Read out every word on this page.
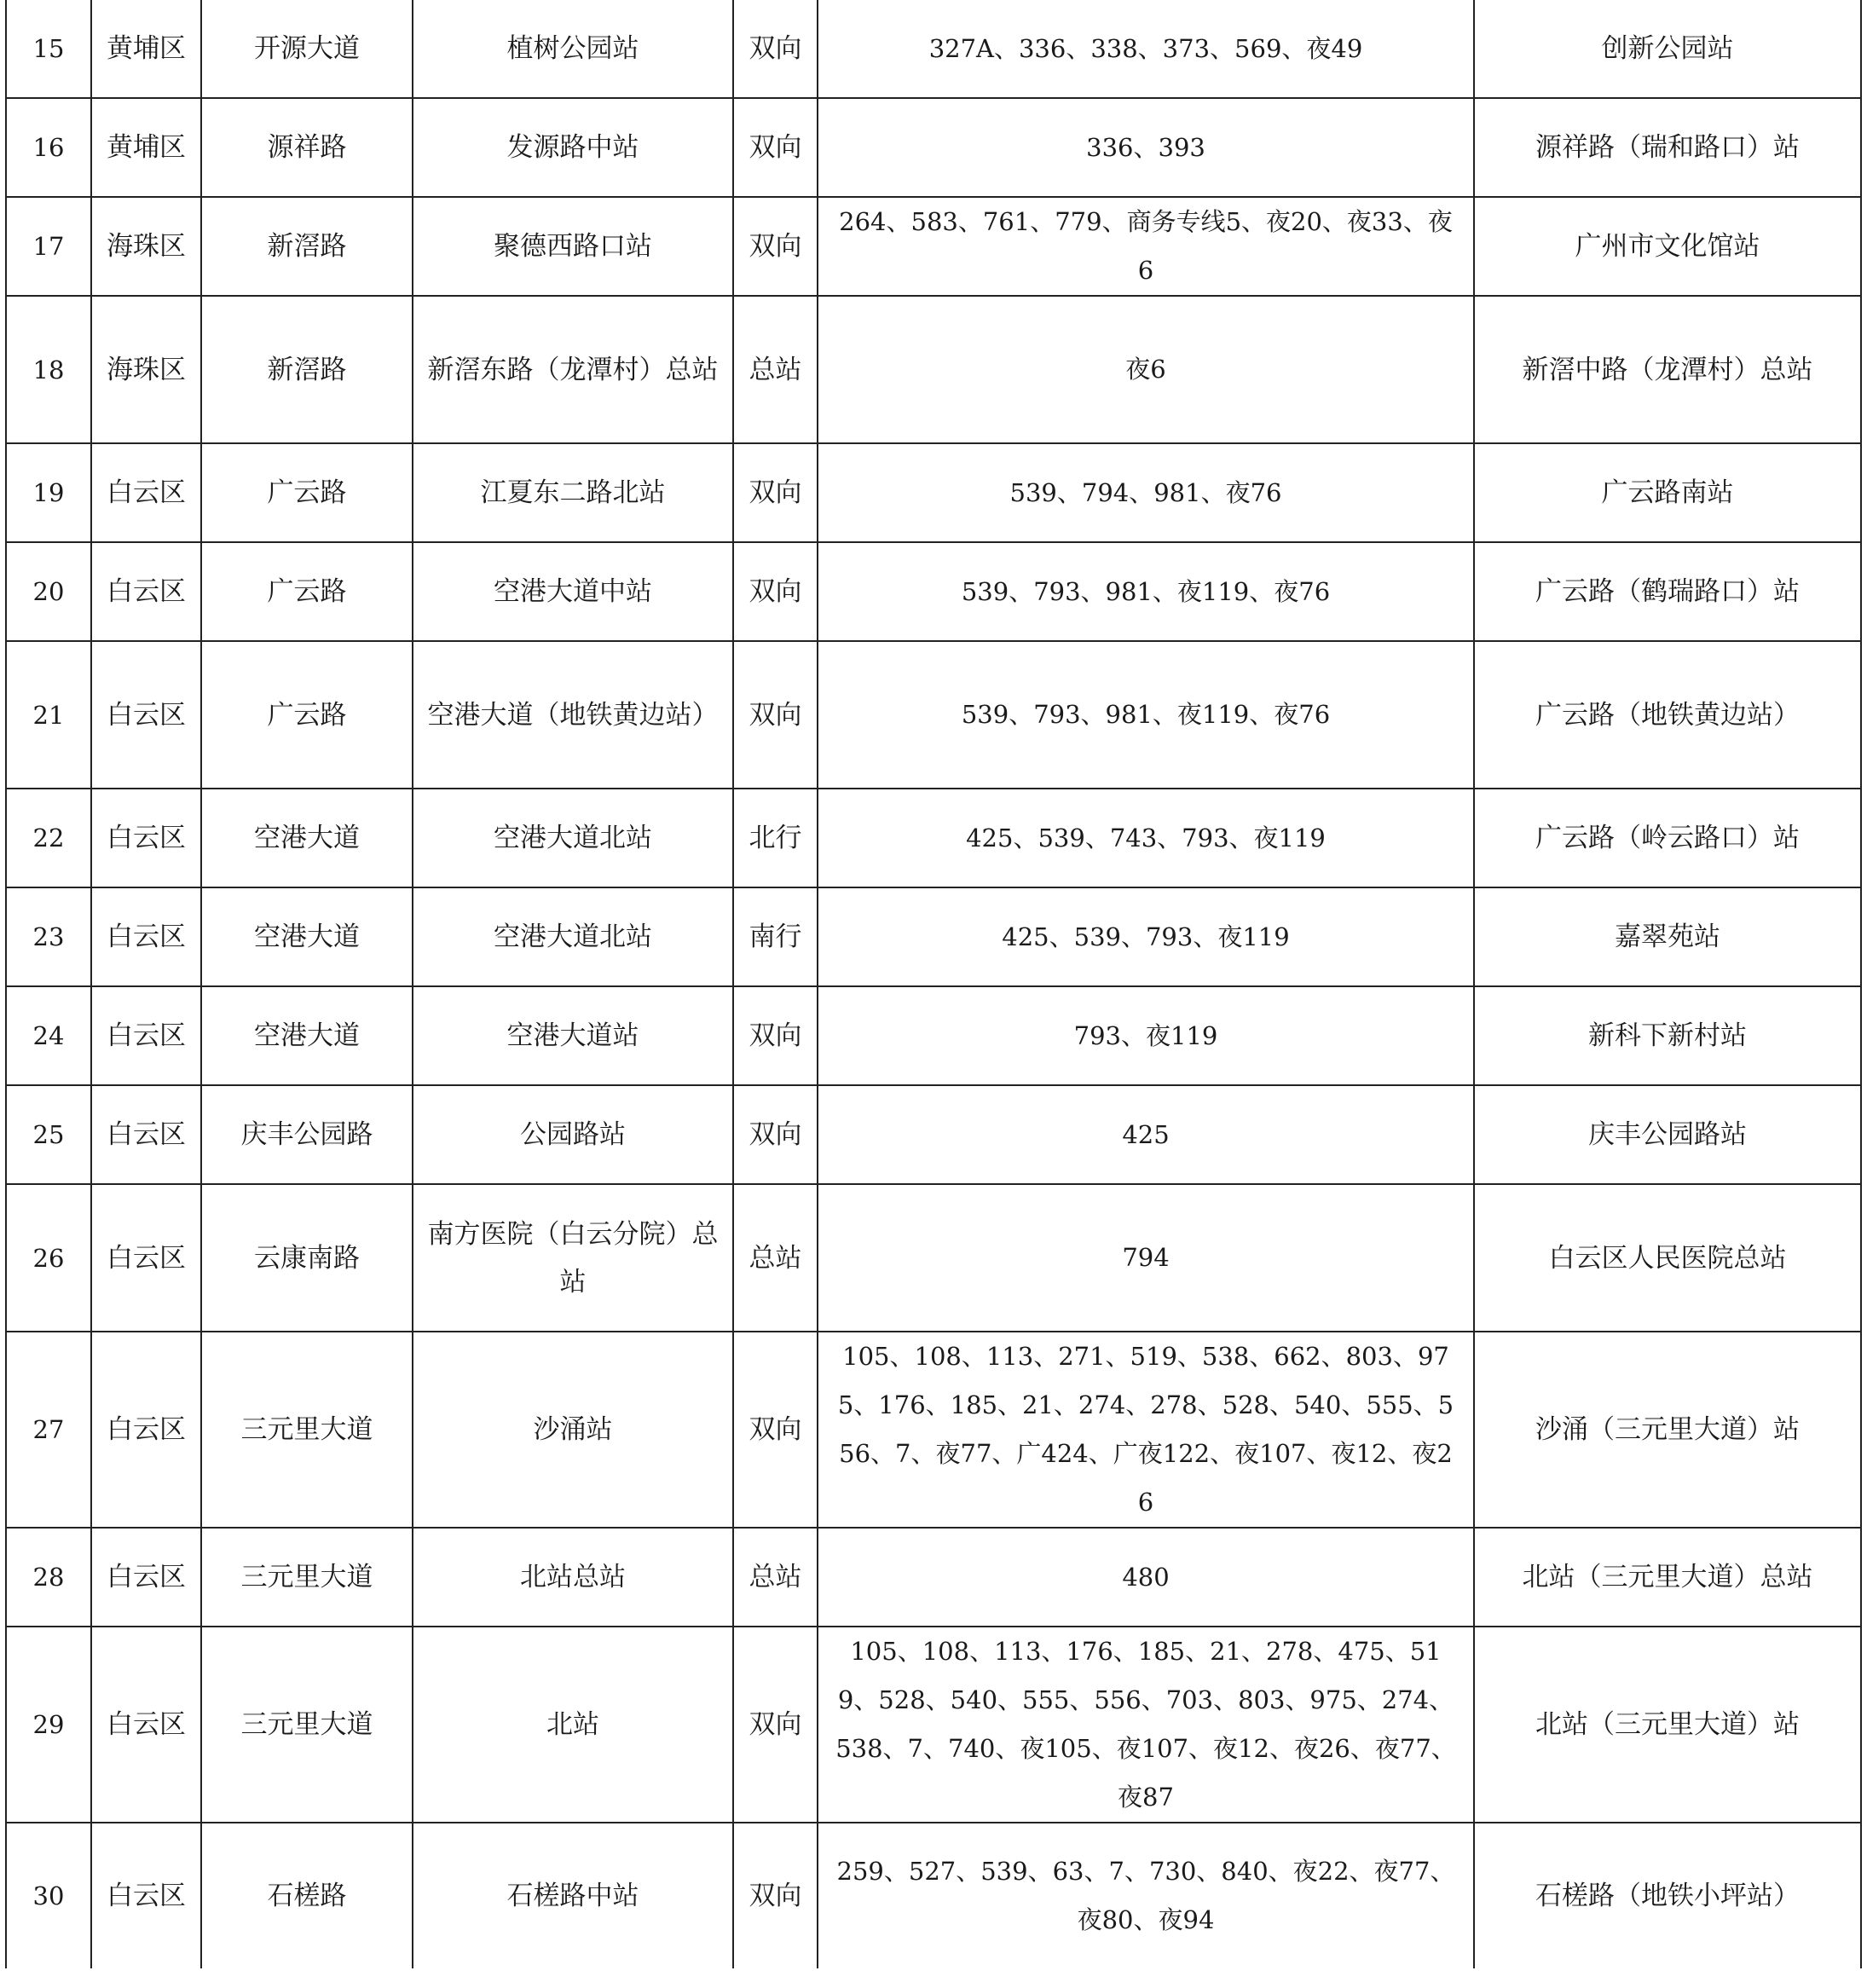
15	黄埔区	开源大道	植树公园站	双向	327A、336、338、373、569、夜49	创新公园站
16	黄埔区	源祥路	发源路中站	双向	336、393	源祥路（瑞和路口）站
17	海珠区	新滘路	聚德西路口站	双向	264、583、761、779、商务专线5、夜20、夜33、夜6	广州市文化馆站
18	海珠区	新滘路	新滘东路（龙潭村）总站	总站	夜6	新滘中路（龙潭村）总站
19	白云区	广云路	江夏东二路北站	双向	539、794、981、夜76	广云路南站
20	白云区	广云路	空港大道中站	双向	539、793、981、夜119、夜76	广云路（鹤瑞路口）站
21	白云区	广云路	空港大道（地铁黄边站）	双向	539、793、981、夜119、夜76	广云路（地铁黄边站）
22	白云区	空港大道	空港大道北站	北行	425、539、743、793、夜119	广云路（岭云路口）站
23	白云区	空港大道	空港大道北站	南行	425、539、793、夜119	嘉翠苑站
24	白云区	空港大道	空港大道站	双向	793、夜119	新科下新村站
25	白云区	庆丰公园路	公园路站	双向	425	庆丰公园路站
26	白云区	云康南路	南方医院（白云分院）总站	总站	794	白云区人民医院总站
27	白云区	三元里大道	沙涌站	双向	105、108、113、271、519、538、662、803、975、176、185、21、274、278、528、540、555、556、7、夜77、广424、广夜122、夜107、夜12、夜26	沙涌（三元里大道）站
28	白云区	三元里大道	北站总站	总站	480	北站（三元里大道）总站
29	白云区	三元里大道	北站	双向	105、108、113、176、185、21、278、475、519、528、540、555、556、703、803、975、274、538、7、740、夜105、夜107、夜12、夜26、夜77、夜87	北站（三元里大道）站
30	白云区	石槎路	石槎路中站	双向	259、527、539、63、7、730、840、夜22、夜77、夜80、夜94	石槎路（地铁小坪站）
